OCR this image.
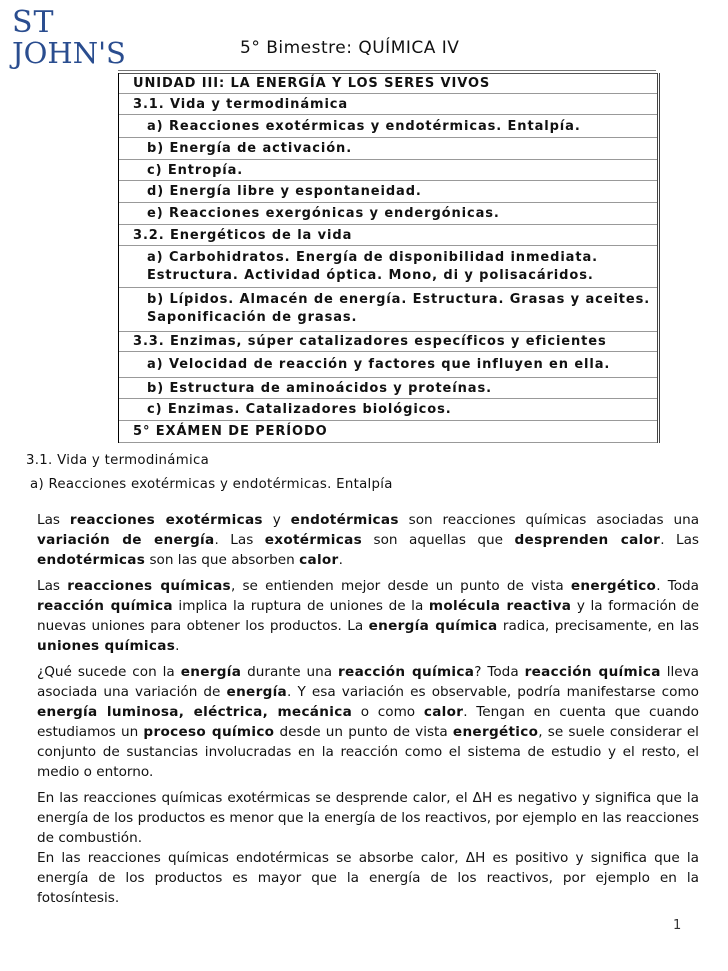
ST
JOHN'S	5° Bimestre: QUÍMICA IV
UNIDAD III: LA ENERGÍA Y LOS SERES VIVOS
3.1. Vida y termodinámica
a) Reacciones exotérmicas y endotérmicas. Entalpía.
b) Energía de activación.
c) Entropía.
d) Energía libre y espontaneidad.
e) Reacciones exergónicas y endergónicas.
3.2. Energéticos de la vida
a) Carbohidratos. Energía de disponibilidad inmediata.
Estructura. Actividad óptica. Mono, di y polisacáridos.
b) Lípidos. Almacén de energía. Estructura. Grasas y aceites.
Saponificación de grasas.
3.3. Enzimas, súper catalizadores específicos y eficientes
a) Velocidad de reacción y factores que influyen en ella.
b) Estructura de aminoácidos y proteínas.
c) Enzimas. Catalizadores biológicos.
5° EXÁMEN DE PERÍODO
3.1. Vida y termodinámica
a) Reacciones exotérmicas y endotérmicas. Entalpía

Las reacciones exotérmicas y endotérmicas son reacciones químicas asociadas una variación de energía. Las exotérmicas son aquellas que desprenden calor. Las endotérmicas son las que absorben calor.

Las reacciones químicas, se entienden mejor desde un punto de vista energético. Toda reacción química implica la ruptura de uniones de la molécula reactiva y la formación de nuevas uniones para obtener los productos. La energía química radica, precisamente, en las uniones químicas.

¿Qué sucede con la energía durante una reacción química? Toda reacción química lleva asociada una variación de energía. Y esa variación es observable, podría manifestarse como energía luminosa, eléctrica, mecánica o como calor. Tengan en cuenta que cuando estudiamos un proceso químico desde un punto de vista energético, se suele considerar el conjunto de sustancias involucradas en la reacción como el sistema de estudio y el resto, el medio o entorno.

En las reacciones químicas exotérmicas se desprende calor, el ΔH es negativo y significa que la energía de los productos es menor que la energía de los reactivos, por ejemplo en las reacciones de combustión.

En las reacciones químicas endotérmicas se absorbe calor, ΔH es positivo y significa que la energía de los productos es mayor que la energía de los reactivos, por ejemplo en la fotosíntesis.

1
